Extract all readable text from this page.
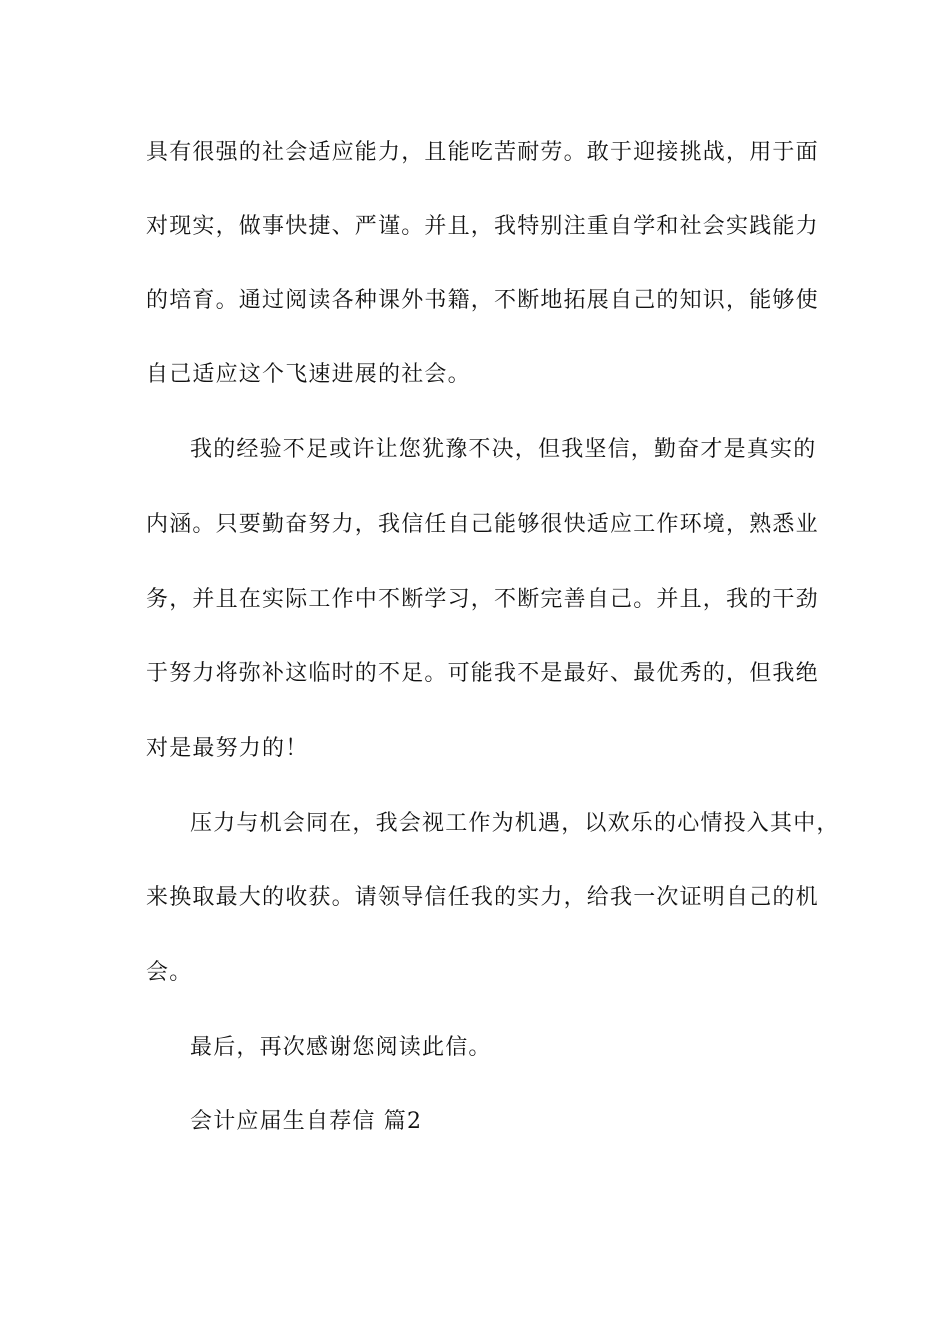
具有很强的社会适应能力，且能吃苦耐劳。敢于迎接挑战，用于面
对现实，做事快捷、严谨。并且，我特别注重自学和社会实践能力
的培育。通过阅读各种课外书籍，不断地拓展自己的知识，能够使
自己适应这个飞速进展的社会。
我的经验不足或许让您犹豫不决，但我坚信，勤奋才是真实的
内涵。只要勤奋努力，我信任自己能够很快适应工作环境，熟悉业
务，并且在实际工作中不断学习，不断完善自己。并且，我的干劲
于努力将弥补这临时的不足。可能我不是最好、最优秀的，但我绝
对是最努力的！
压力与机会同在，我会视工作为机遇，以欢乐的心情投入其中，
来换取最大的收获。请领导信任我的实力，给我一次证明自己的机
会。
最后，再次感谢您阅读此信。
会计应届生自荐信 篇2
